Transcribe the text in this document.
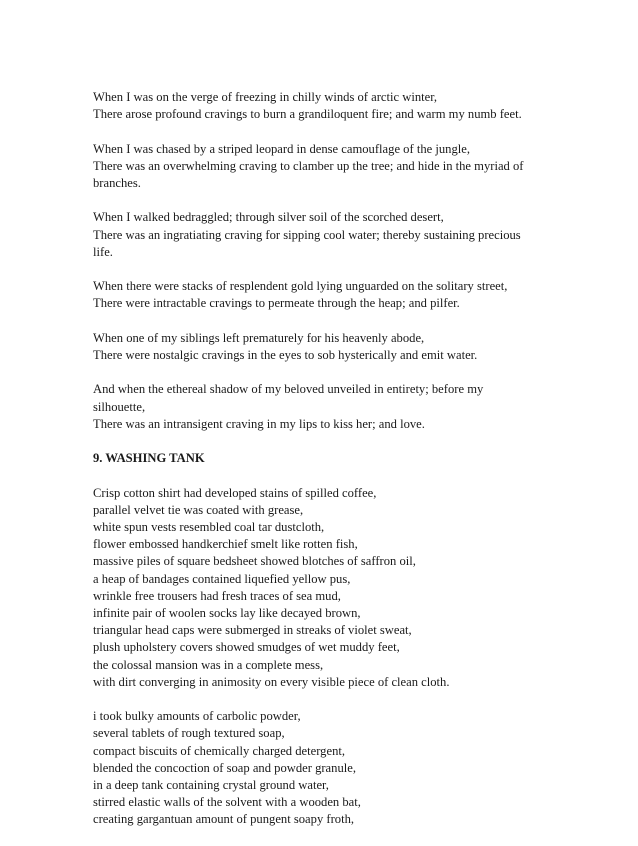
When I was on the verge of freezing in chilly winds of arctic winter,
There arose profound cravings to burn a grandiloquent fire; and warm my numb feet.
When I was chased by a striped leopard in dense camouflage of the jungle,
There was an overwhelming craving to clamber up the tree; and hide in the myriad of
branches.
When I walked bedraggled; through silver soil of the scorched desert,
There was an ingratiating craving for sipping cool water; thereby sustaining precious
life.
When there were stacks of resplendent gold lying unguarded on the solitary street,
There were intractable cravings to permeate through the heap; and pilfer.
When one of my siblings left prematurely for his heavenly abode,
There were nostalgic cravings in the eyes to sob hysterically and emit water.
And when the ethereal shadow of my beloved unveiled in entirety; before my
silhouette,
There was an intransigent craving in my lips to kiss her; and love.
9. WASHING TANK
Crisp cotton shirt had developed stains of spilled coffee,
parallel velvet tie was coated with grease,
white spun vests resembled coal tar dustcloth,
flower embossed handkerchief smelt like rotten fish,
massive piles of square bedsheet showed blotches of saffron oil,
a heap of bandages contained liquefied yellow pus,
wrinkle free trousers had fresh traces of sea mud,
infinite pair of woolen socks lay like decayed brown,
triangular head caps were submerged in streaks of violet sweat,
plush upholstery covers showed smudges of wet muddy feet,
the colossal mansion was in a complete mess,
with dirt converging in animosity on every visible piece of clean cloth.
i took bulky amounts of carbolic powder,
several tablets of rough textured soap,
compact biscuits of chemically charged detergent,
blended the concoction of soap and powder granule,
in a deep tank containing crystal ground water,
stirred elastic walls of the solvent with a wooden bat,
creating gargantuan amount of pungent soapy froth,
